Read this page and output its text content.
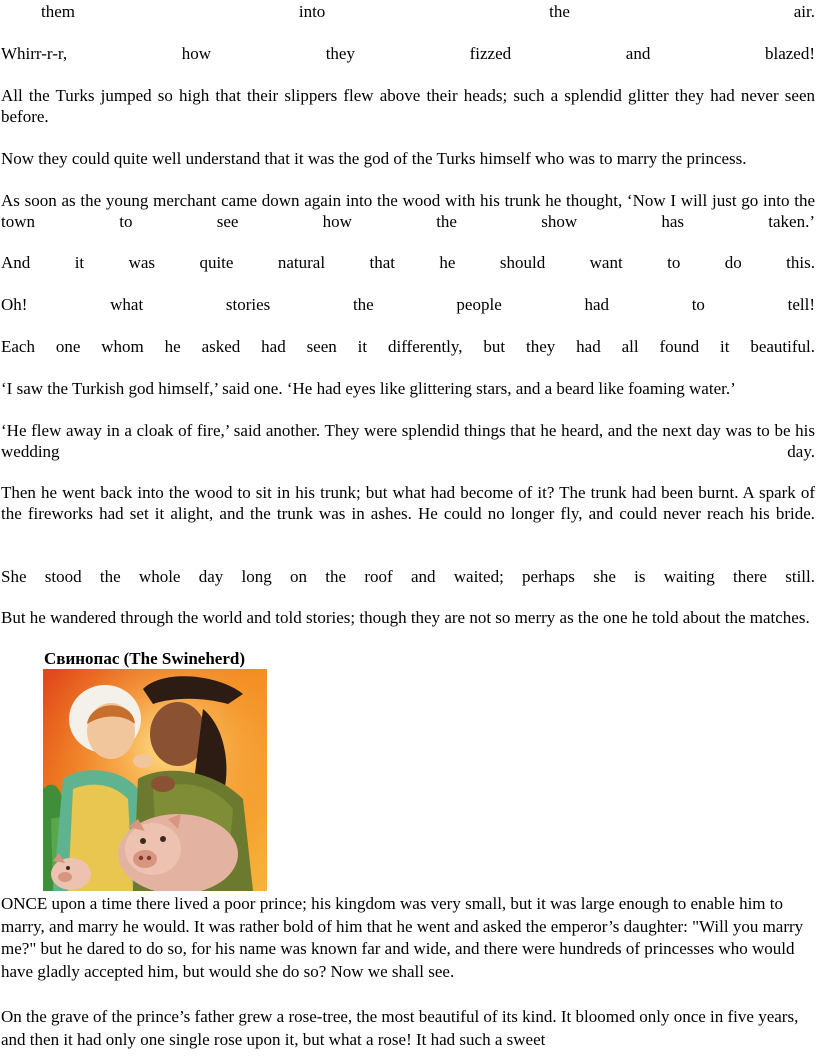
them into the air.

Whirr-r-r, how they fizzed and blazed!

All the Turks jumped so high that their slippers flew above their heads; such a splendid glitter they had never seen before.

Now they could quite well understand that it was the god of the Turks himself who was to marry the princess.

As soon as the young merchant came down again into the wood with his trunk he thought, ‘Now I will just go into the town to see how the show has taken.’

And it was quite natural that he should want to do this.

Oh! what stories the people had to tell!

Each one whom he asked had seen it differently, but they had all found it beautiful.

‘I saw the Turkish god himself,’ said one. ‘He had eyes like glittering stars, and a beard like foaming water.’

‘He flew away in a cloak of fire,’ said another. They were splendid things that he heard, and the next day was to be his wedding day.

Then he went back into the wood to sit in his trunk; but what had become of it? The trunk had been burnt. A spark of the fireworks had set it alight, and the trunk was in ashes. He could no longer fly, and could never reach his bride.

She stood the whole day long on the roof and waited; perhaps she is waiting there still.

But he wandered through the world and told stories; though they are not so merry as the one he told about the matches.

Свинопас (The Swineherd)

ONCE upon a time there lived a poor prince; his kingdom was very small, but it was large enough to enable him to marry, and marry he would. It was rather bold of him that he went and asked the emperor’s daughter: "Will you marry me?" but he dared to do so, for his name was known far and wide, and there were hundreds of princesses who would have gladly accepted him, but would she do so? Now we shall see.

On the grave of the prince’s father grew a rose-tree, the most beautiful of its kind. It bloomed only once in five years, and then it had only one single rose upon it, but what a rose! It had such a sweet
